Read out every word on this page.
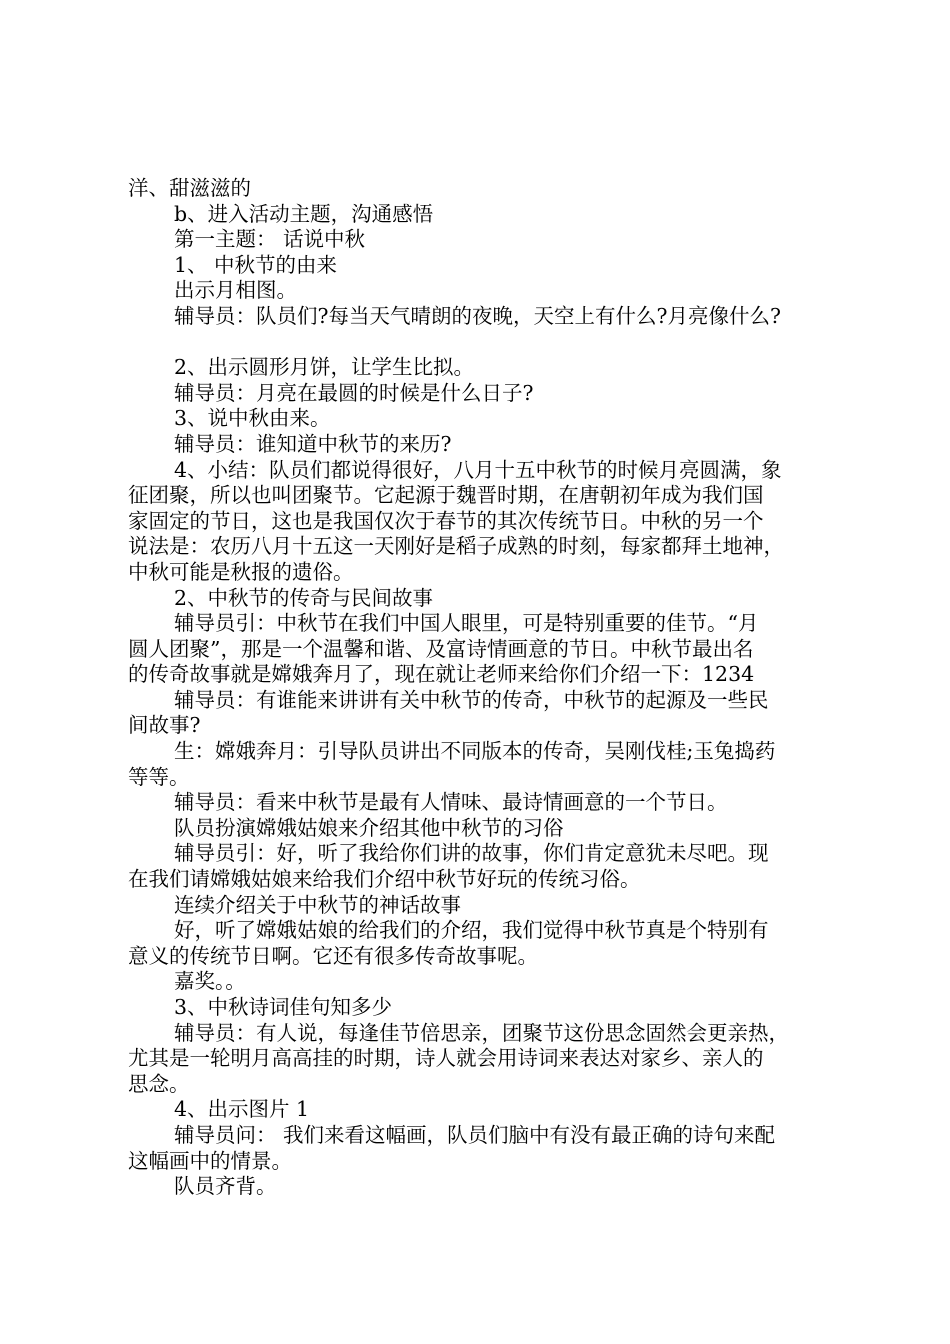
洋、甜滋滋的
b、进入活动主题，沟通感悟
第一主题： 话说中秋
1、 中秋节的由来
出示月相图。
辅导员：队员们?每当天气晴朗的夜晚，天空上有什么?月亮像什么?
2、出示圆形月饼，让学生比拟。
辅导员：月亮在最圆的时候是什么日子?
3、说中秋由来。
辅导员：谁知道中秋节的来历?
4、小结：队员们都说得很好，八月十五中秋节的时候月亮圆满，象
征团聚，所以也叫团聚节。它起源于魏晋时期，在唐朝初年成为我们国
家固定的节日，这也是我国仅次于春节的其次传统节日。中秋的另一个
说法是：农历八月十五这一天刚好是稻子成熟的时刻，每家都拜土地神，
中秋可能是秋报的遗俗。
2、中秋节的传奇与民间故事
辅导员引：中秋节在我们中国人眼里，可是特别重要的佳节。“月
圆人团聚”，那是一个温馨和谐、及富诗情画意的节日。中秋节最出名
的传奇故事就是嫦娥奔月了，现在就让老师来给你们介绍一下：1234
辅导员：有谁能来讲讲有关中秋节的传奇，中秋节的起源及一些民
间故事?
生：嫦娥奔月：引导队员讲出不同版本的传奇，吴刚伐桂;玉兔捣药
等等。
辅导员：看来中秋节是最有人情味、最诗情画意的一个节日。
队员扮演嫦娥姑娘来介绍其他中秋节的习俗
辅导员引：好，听了我给你们讲的故事，你们肯定意犹未尽吧。现
在我们请嫦娥姑娘来给我们介绍中秋节好玩的传统习俗。
连续介绍关于中秋节的神话故事
好，听了嫦娥姑娘的给我们的介绍，我们觉得中秋节真是个特别有
意义的传统节日啊。它还有很多传奇故事呢。
嘉奖。。
3、中秋诗词佳句知多少
辅导员：有人说，每逢佳节倍思亲，团聚节这份思念固然会更亲热，
尤其是一轮明月高高挂的时期，诗人就会用诗词来表达对家乡、亲人的
思念。
4、出示图片 1
辅导员问： 我们来看这幅画，队员们脑中有没有最正确的诗句来配
这幅画中的情景。
队员齐背。
